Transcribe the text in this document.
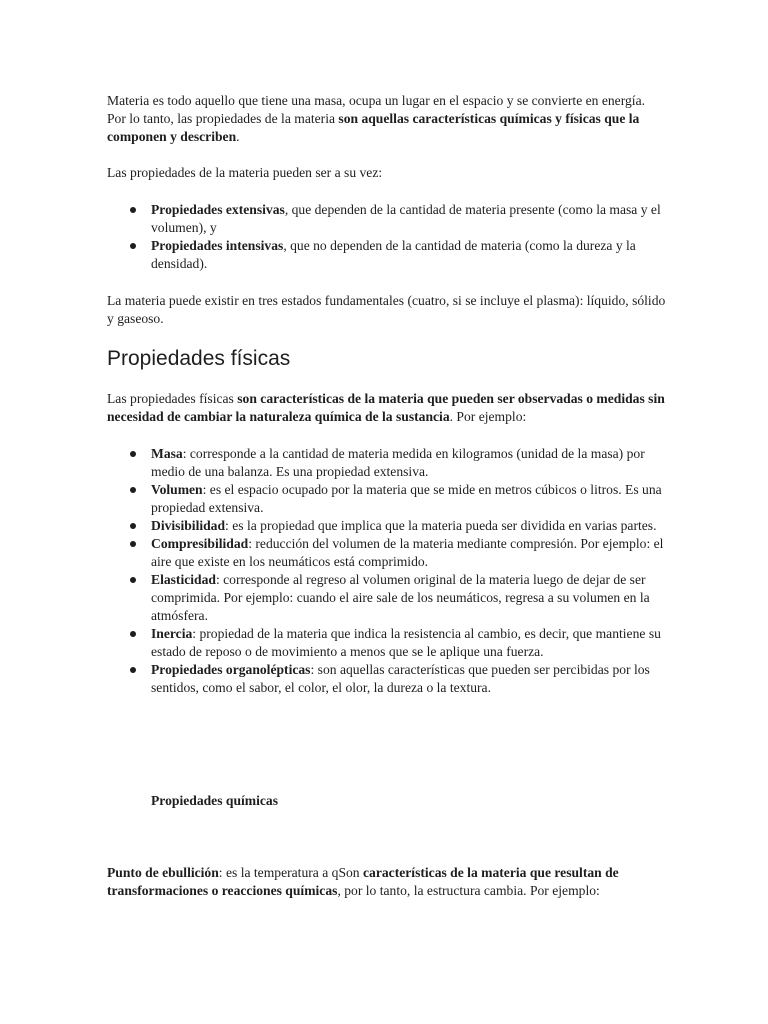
Materia es todo aquello que tiene una masa, ocupa un lugar en el espacio y se convierte en energía. Por lo tanto, las propiedades de la materia son aquellas características químicas y físicas que la componen y describen.

Las propiedades de la materia pueden ser a su vez:

Propiedades extensivas, que dependen de la cantidad de materia presente (como la masa y el volumen), y
Propiedades intensivas, que no dependen de la cantidad de materia (como la dureza y la densidad).

La materia puede existir en tres estados fundamentales (cuatro, si se incluye el plasma): líquido, sólido y gaseoso.

Propiedades físicas

Las propiedades físicas son características de la materia que pueden ser observadas o medidas sin necesidad de cambiar la naturaleza química de la sustancia. Por ejemplo:

Masa: corresponde a la cantidad de materia medida en kilogramos (unidad de la masa) por medio de una balanza. Es una propiedad extensiva.
Volumen: es el espacio ocupado por la materia que se mide en metros cúbicos o litros. Es una propiedad extensiva.
Divisibilidad: es la propiedad que implica que la materia pueda ser dividida en varias partes.
Compresibilidad: reducción del volumen de la materia mediante compresión. Por ejemplo: el aire que existe en los neumáticos está comprimido.
Elasticidad: corresponde al regreso al volumen original de la materia luego de dejar de ser comprimida. Por ejemplo: cuando el aire sale de los neumáticos, regresa a su volumen en la atmósfera.
Inercia: propiedad de la materia que indica la resistencia al cambio, es decir, que mantiene su estado de reposo o de movimiento a menos que se le aplique una fuerza.
Propiedades organolépticas: son aquellas características que pueden ser percibidas por los sentidos, como el sabor, el color, el olor, la dureza o la textura.

Propiedades químicas

Punto de ebullición: es la temperatura a qSon características de la materia que resultan de transformaciones o reacciones químicas, por lo tanto, la estructura cambia. Por ejemplo:
